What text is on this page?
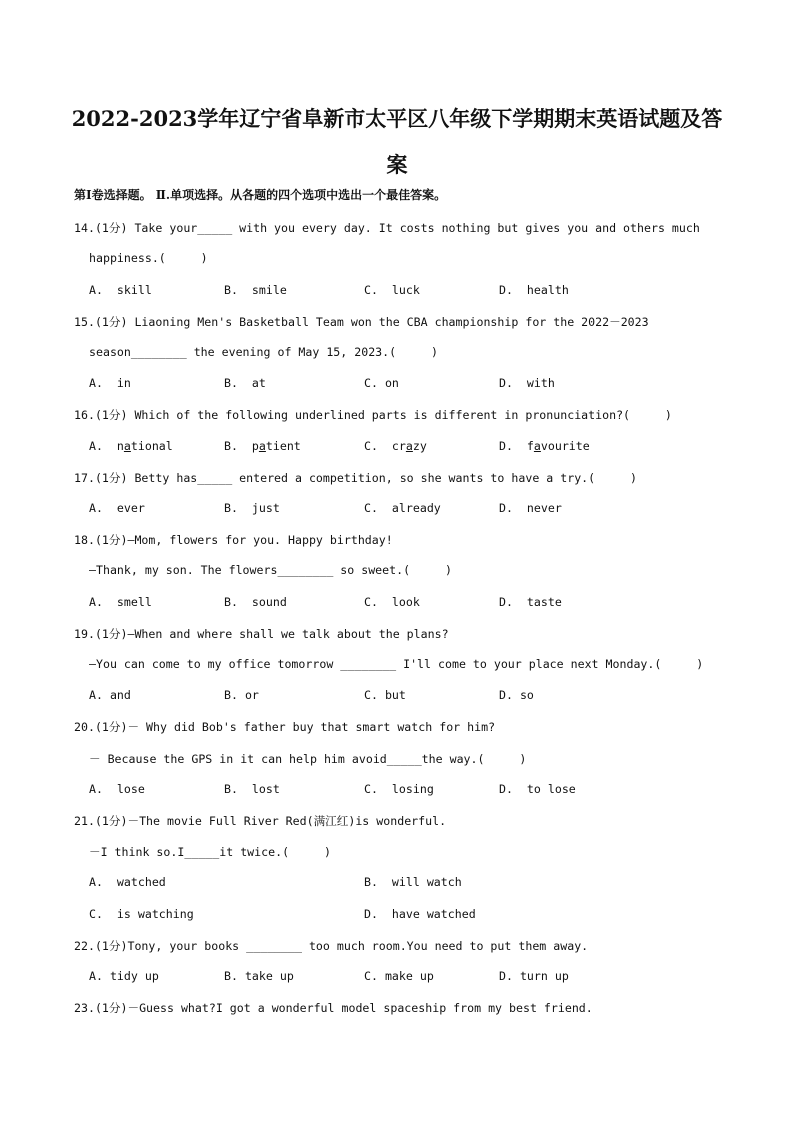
2022-2023学年辽宁省阜新市太平区八年级下学期期末英语试题及答
案
第Ⅰ卷选择题。 Ⅱ.单项选择。从各题的四个选项中选出一个最佳答案。
14.(1分) Take your_____ with you every day. It costs nothing but gives you and others much
happiness.(     )
A.  skill	B.  smile	C.  luck	D.  health
15.(1分) Liaoning Men's Basketball Team won the CBA championship for the 2022－2023
season________ the evening of May 15, 2023.(     )
A.  in	B.  at	C. on	D.  with
16.(1分) Which of the following underlined parts is different in pronunciation?(     )
A.  national	B.  patient	C.  crazy	D.  favourite
17.(1分) Betty has_____ entered a competition, so she wants to have a try.(     )
A.  ever	B.  just	C.  already	D.  never
18.(1分)—Mom, flowers for you. Happy birthday!
—Thank, my son. The flowers________ so sweet.(     )
A.  smell	B.  sound	C.  look	D.  taste
19.(1分)—When and where shall we talk about the plans?
—You can come to my office tomorrow ________ I'll come to your place next Monday.(     )
A. and	B. or	C. but	D. so
20.(1分)－ Why did Bob's father buy that smart watch for him?
－ Because the GPS in it can help him avoid_____the way.(     )
A.  lose	B.  lost	C.  losing	D.  to lose
21.(1分)－The movie Full River Red(满江红)is wonderful.
－I think so.I_____it twice.(     )
A.  watched	B.  will watch
C.  is watching	D.  have watched
22.(1分)Tony, your books ________ too much room.You need to put them away.
A. tidy up	B. take up	C. make up	D. turn up
23.(1分)－Guess what?I got a wonderful model spaceship from my best friend.
